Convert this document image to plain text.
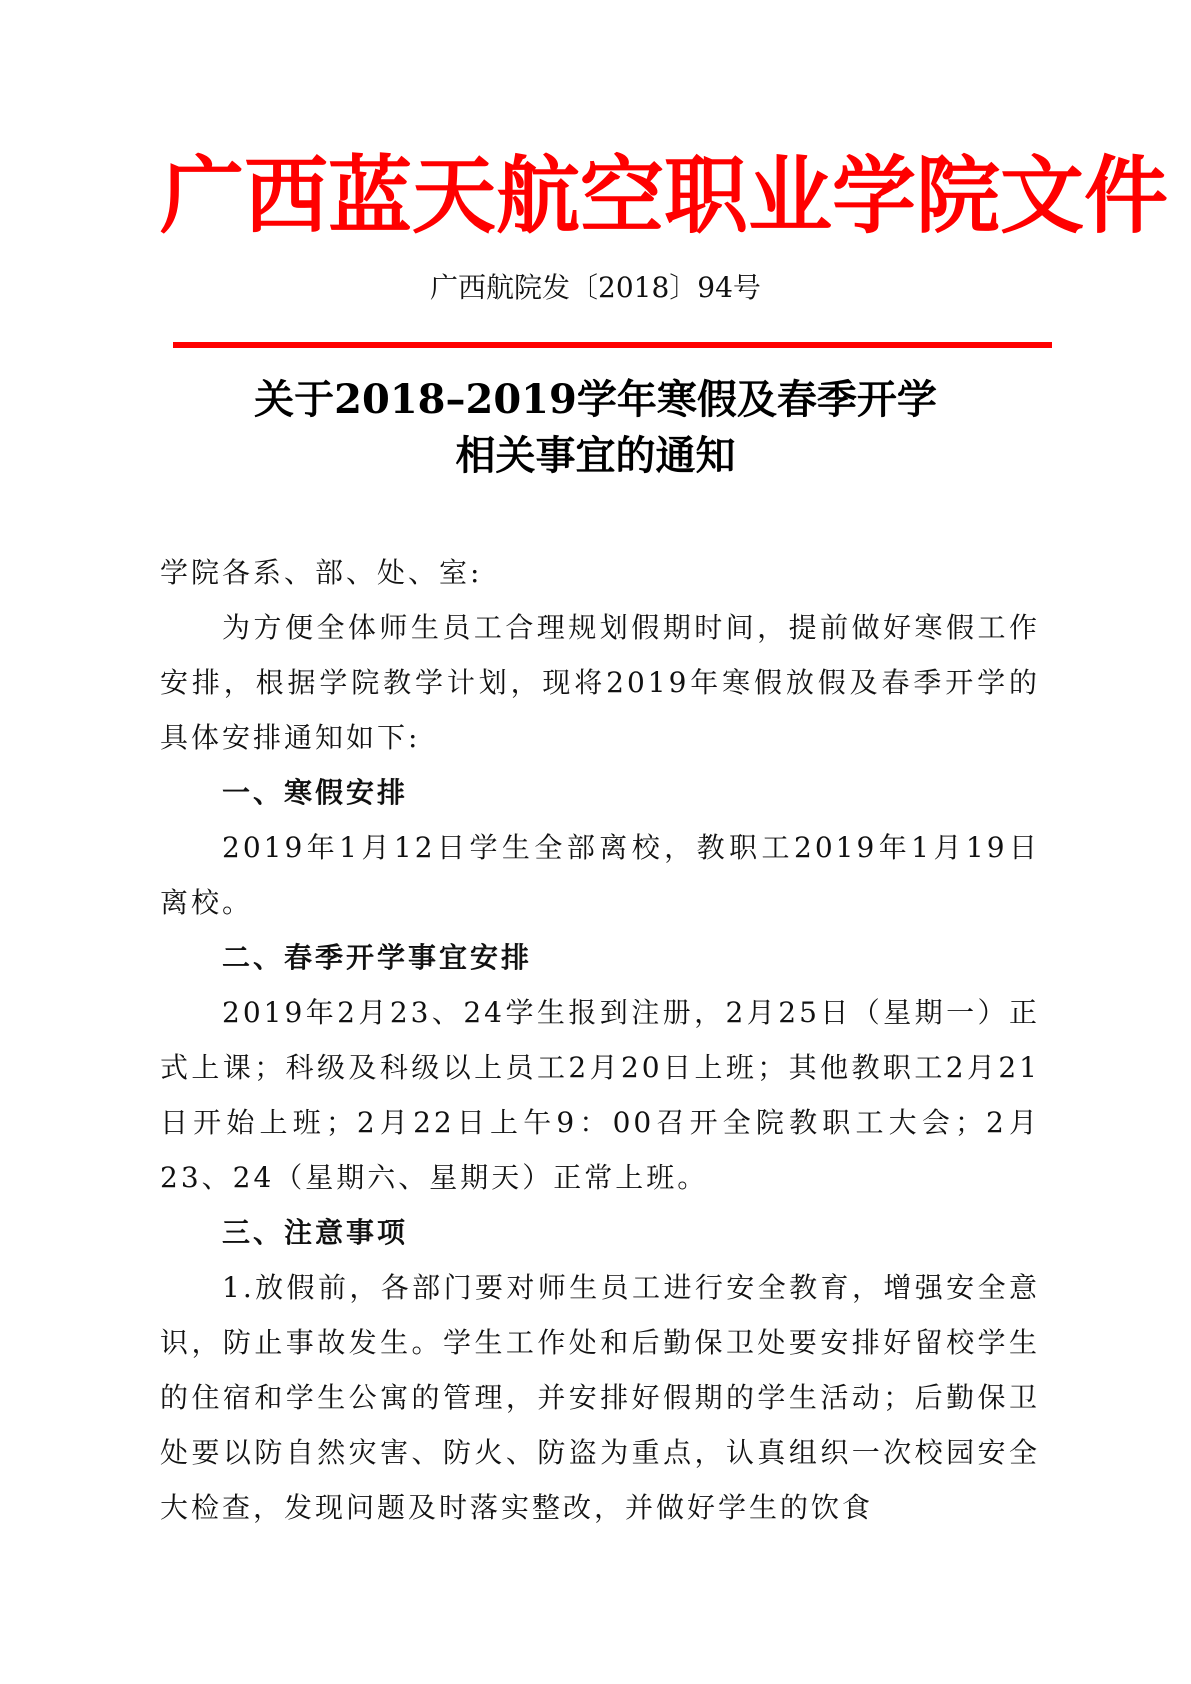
广西蓝天航空职业学院文件
广西航院发〔2018〕94号
关于2018–2019学年寒假及春季开学
相关事宜的通知

学院各系、部、处、室:

为方便全体师生员工合理规划假期时间，提前做好寒假工作安排，根据学院教学计划，现将2019年寒假放假及春季开学的具体安排通知如下:

一、寒假安排

2019年1月12日学生全部离校，教职工2019年1月19日离校。

二、春季开学事宜安排

2019年2月23、24学生报到注册，2月25日（星期一）正式上课；科级及科级以上员工2月20日上班；其他教职工2月21日开始上班；2月22日上午9：00召开全院教职工大会；2月23、24（星期六、星期天）正常上班。

三、注意事项

1.放假前，各部门要对师生员工进行安全教育，增强安全意识，防止事故发生。学生工作处和后勤保卫处要安排好留校学生的住宿和学生公寓的管理，并安排好假期的学生活动；后勤保卫处要以防自然灾害、防火、防盗为重点，认真组织一次校园安全大检查，发现问题及时落实整改，并做好学生的饮食
